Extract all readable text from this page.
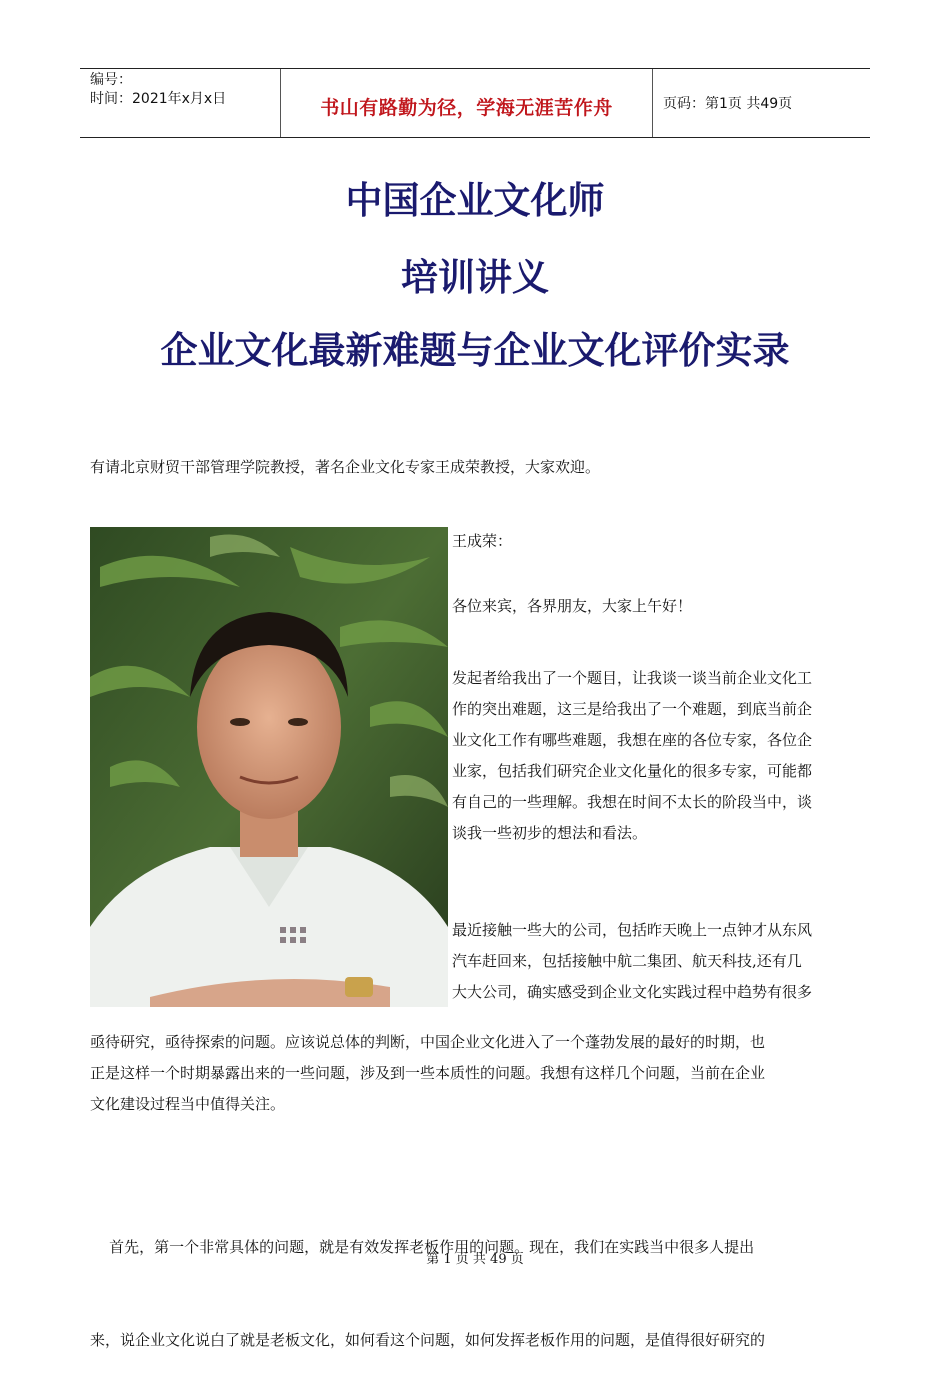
编号：
时间：2021年x月x日	书山有路勤为径，学海无涯苦作舟	页码：第1页 共49页
中国企业文化师
培训讲义
企业文化最新难题与企业文化评价实录
有请北京财贸干部管理学院教授，著名企业文化专家王成荣教授，大家欢迎。
王成荣：
各位来宾，各界朋友，大家上午好！
发起者给我出了一个题目，让我谈一谈当前企业文化工
作的突出难题，这三是给我出了一个难题，到底当前企
业文化工作有哪些难题，我想在座的各位专家，各位企
业家，包括我们研究企业文化量化的很多专家，可能都
有自己的一些理解。我想在时间不太长的阶段当中，谈
谈我一些初步的想法和看法。
最近接触一些大的公司，包括昨天晚上一点钟才从东风
汽车赶回来，包括接触中航二集团、航天科技,还有几
大大公司，确实感受到企业文化实践过程中趋势有很多
亟待研究，亟待探索的问题。应该说总体的判断，中国企业文化进入了一个蓬勃发展的最好的时期，也
正是这样一个时期暴露出来的一些问题，涉及到一些本质性的问题。我想有这样几个问题，当前在企业
文化建设过程当中值得关注。

首先，第一个非常具体的问题，就是有效发挥老板作用的问题。现在，我们在实践当中很多人提出

来，说企业文化说白了就是老板文化，如何看这个问题，如何发挥老板作用的问题，是值得很好研究的

第 1 页 共 49 页
